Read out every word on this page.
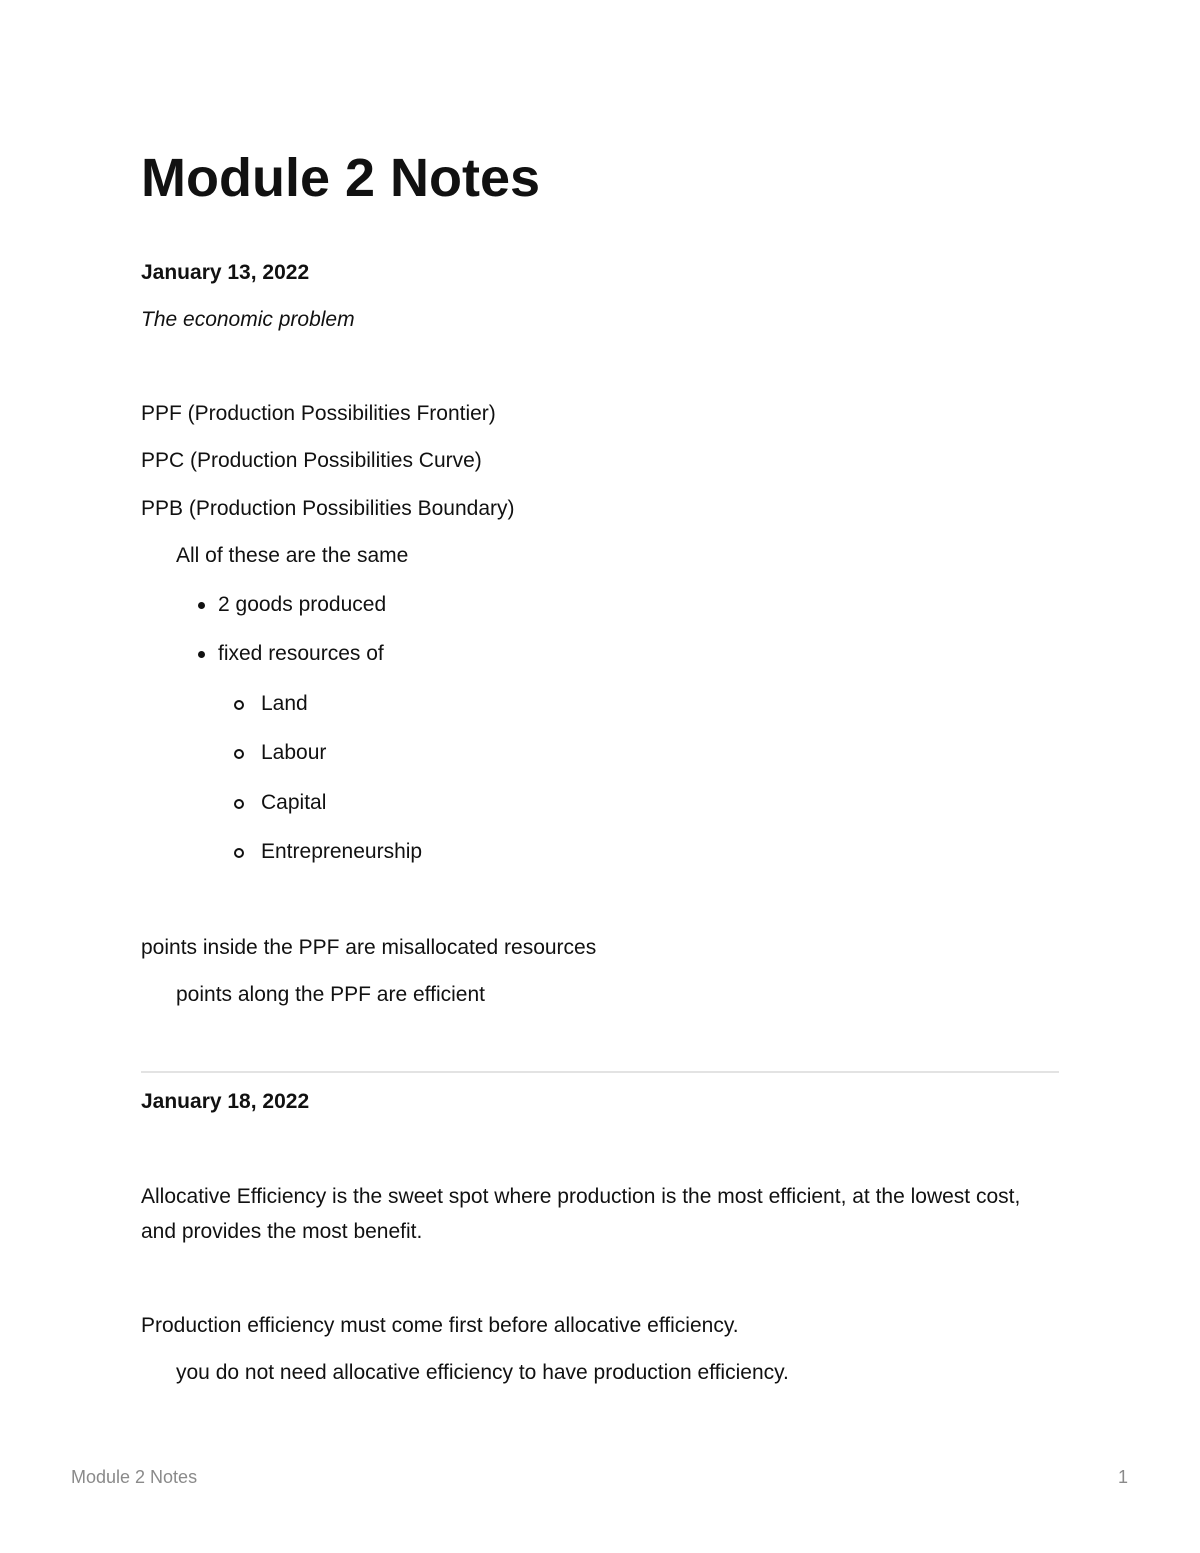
Module 2 Notes

January 13, 2022

The economic problem

PPF (Production Possibilities Frontier)

PPC (Production Possibilities Curve)

PPB (Production Possibilities Boundary)

All of these are the same

2 goods produced

fixed resources of

Land

Labour

Capital

Entrepreneurship

points inside the PPF are misallocated resources

points along the PPF are efficient

January 18, 2022

Allocative Efficiency is the sweet spot where production is the most efficient, at the lowest cost, and provides the most benefit.

Production efficiency must come first before allocative efficiency.

you do not need allocative efficiency to have production efficiency.

Module 2 Notes	1
